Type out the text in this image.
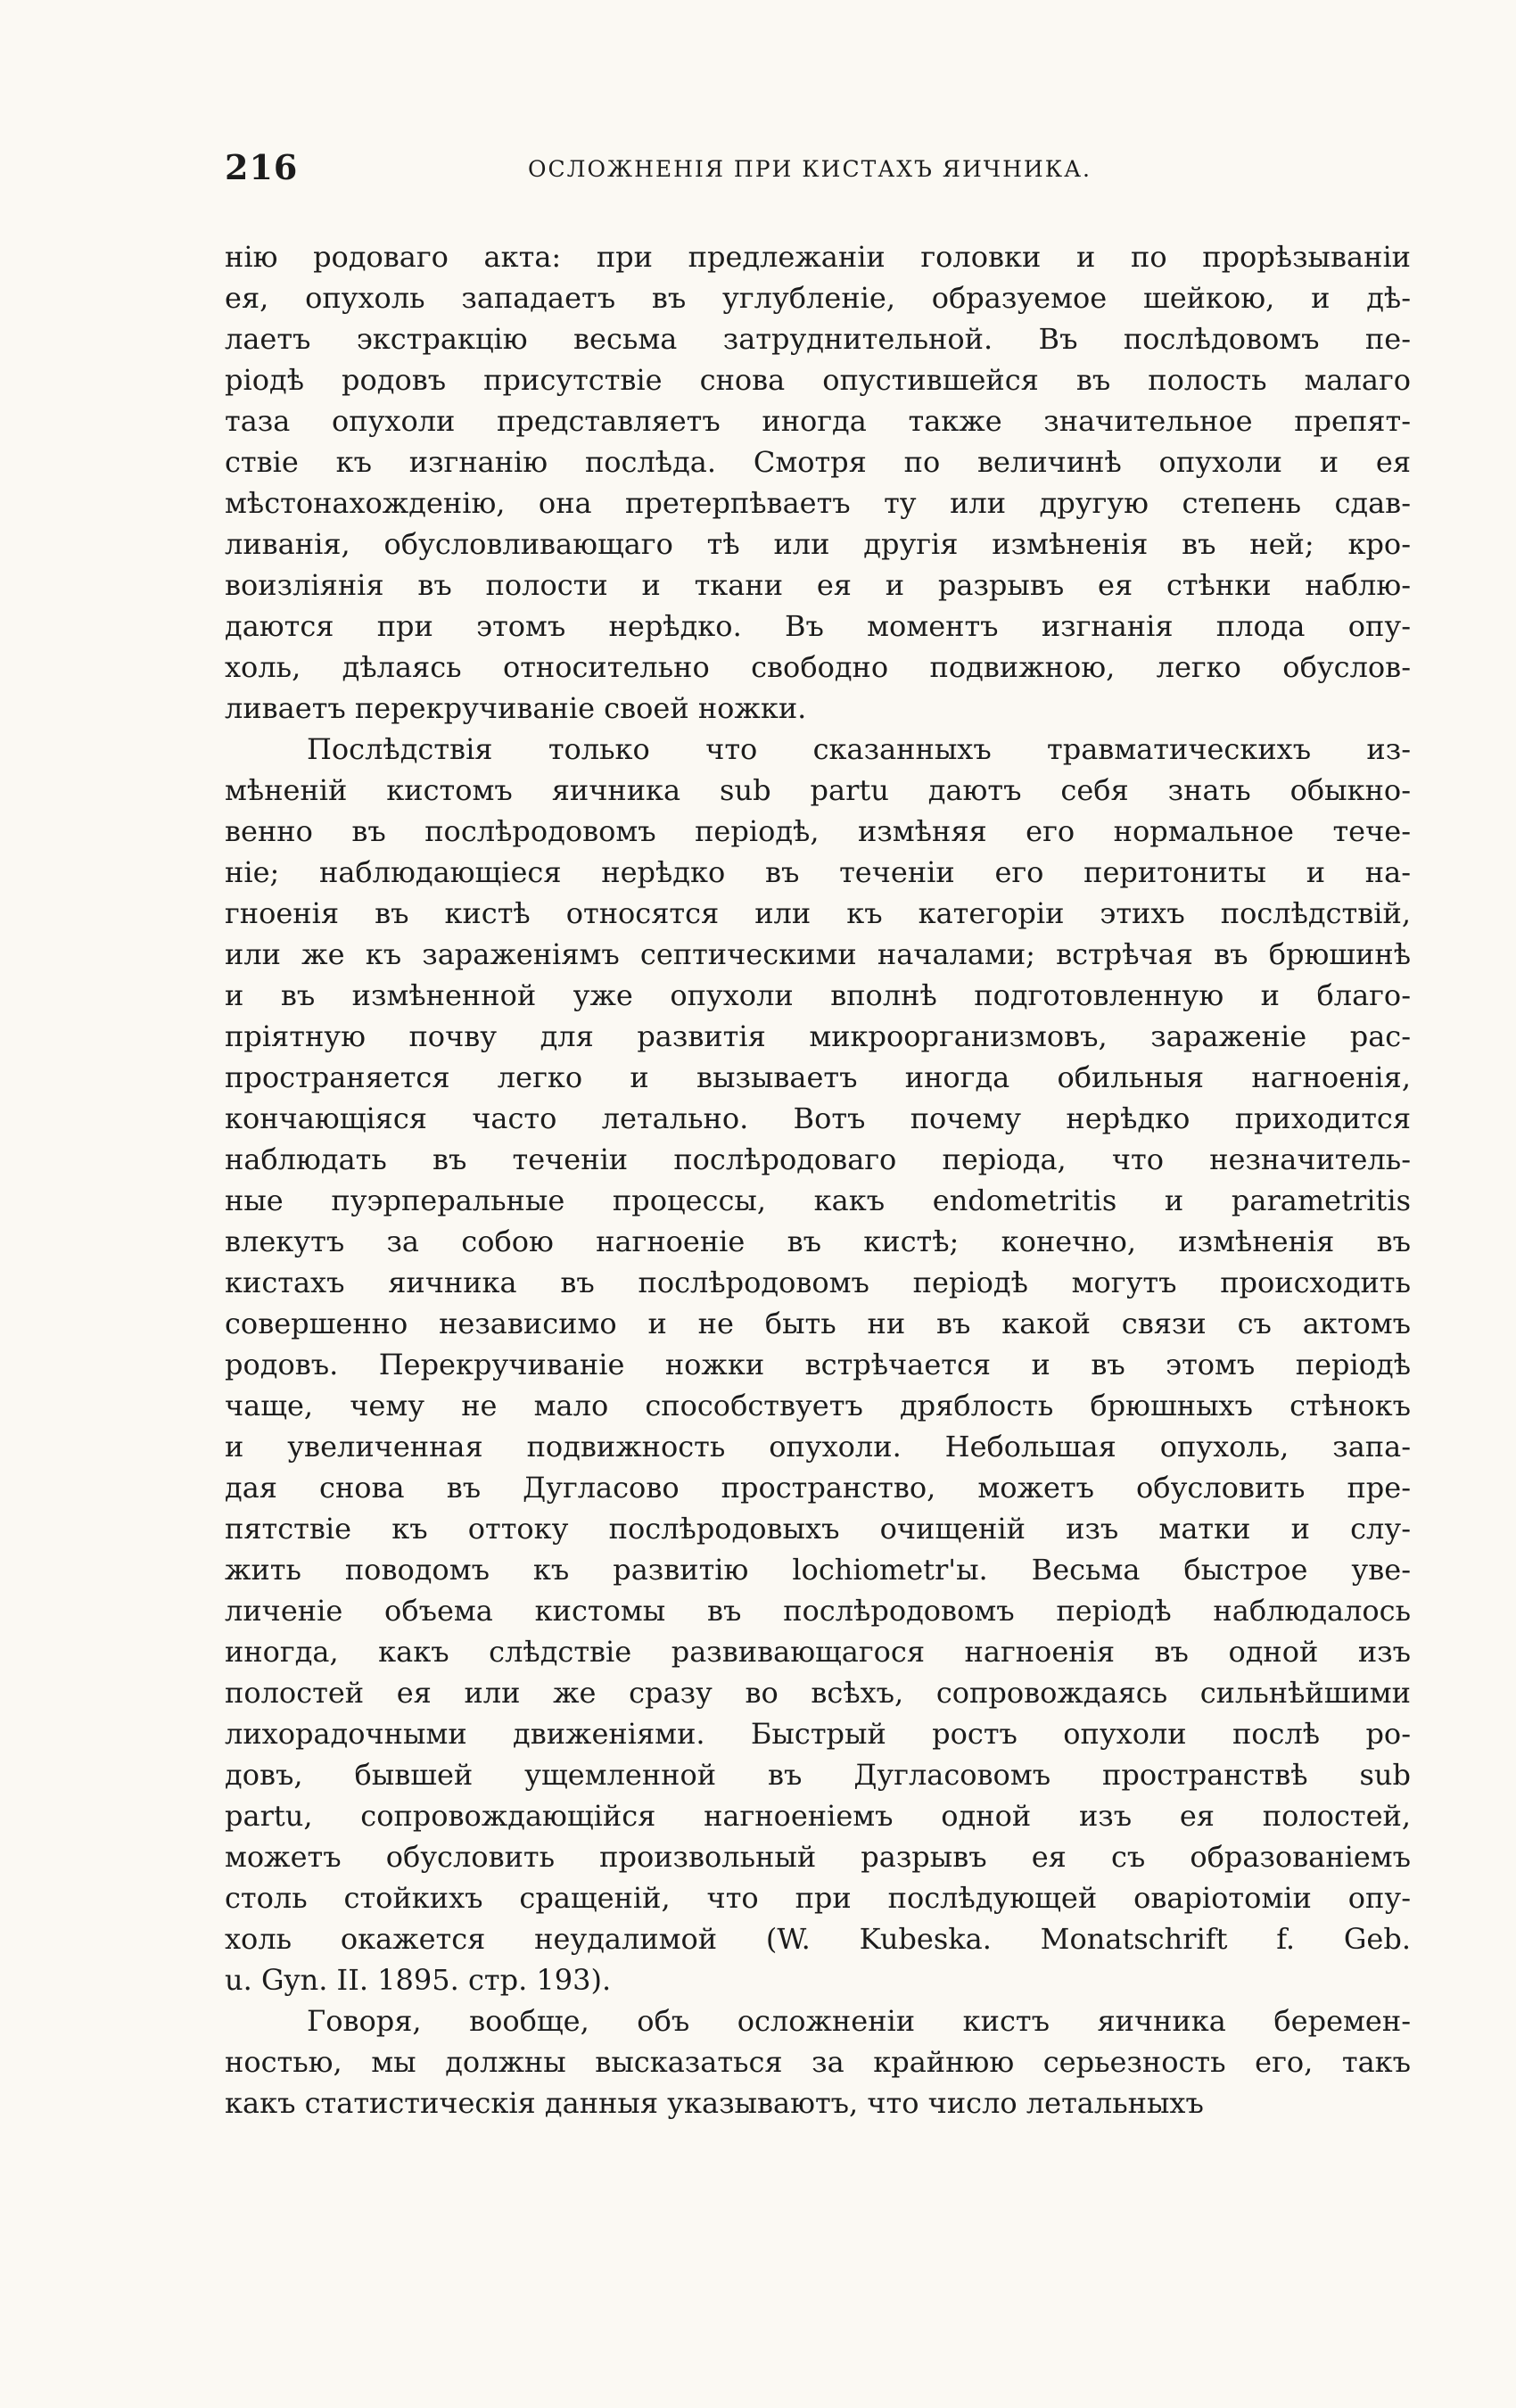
216	ОСЛОЖНЕНІЯ ПРИ КИСТАХЪ ЯИЧНИКА.
нію родоваго акта: при предлежаніи головки и по прорѣзываніи
ея, опухоль западаетъ въ углубленіе, образуемое шейкою, и дѣ-
лаетъ экстракцію весьма затруднительной. Въ послѣдовомъ пе-
ріодѣ родовъ присутствіе снова опустившейся въ полость малаго
таза опухоли представляетъ иногда также значительное препят-
ствіе къ изгнанію послѣда. Смотря по величинѣ опухоли и ея
мѣстонахожденію, она претерпѣваетъ ту или другую степень сдав-
ливанія, обусловливающаго тѣ или другія измѣненія въ ней; кро-
воизліянія въ полости и ткани ея и разрывъ ея стѣнки наблю-
даются при этомъ нерѣдко. Въ моментъ изгнанія плода опу-
холь, дѣлаясь относительно свободно подвижною, легко обуслов-
ливаетъ перекручиваніе своей ножки.
Послѣдствія только что сказанныхъ травматическихъ из-
мѣненій кистомъ яичника sub partu даютъ себя знать обыкно-
венно въ послѣродовомъ періодѣ, измѣняя его нормальное тече-
ніе; наблюдающіеся нерѣдко въ теченіи его перитониты и на-
гноенія въ кистѣ относятся или къ категоріи этихъ послѣдствій,
или же къ зараженіямъ септическими началами; встрѣчая въ брюшинѣ
и въ измѣненной уже опухоли вполнѣ подготовленную и благо-
пріятную почву для развитія микроорганизмовъ, зараженіе рас-
пространяется легко и вызываетъ иногда обильныя нагноенія,
кончающіяся часто летально. Вотъ почему нерѣдко приходится
наблюдать въ теченіи послѣродоваго періода, что незначитель-
ные пуэрперальные процессы, какъ endometritis и parametritis
влекутъ за собою нагноеніе въ кистѣ; конечно, измѣненія въ
кистахъ яичника въ послѣродовомъ періодѣ могутъ происходить
совершенно независимо и не быть ни въ какой связи съ актомъ
родовъ. Перекручиваніе ножки встрѣчается и въ этомъ періодѣ
чаще, чему не мало способствуетъ дряблость брюшныхъ стѣнокъ
и увеличенная подвижность опухоли. Небольшая опухоль, запа-
дая снова въ Дугласово пространство, можетъ обусловить пре-
пятствіе къ оттоку послѣродовыхъ очищеній изъ матки и слу-
жить поводомъ къ развитію lochiometr'ы. Весьма быстрое уве-
личеніе объема кистомы въ послѣродовомъ періодѣ наблюдалось
иногда, какъ слѣдствіе развивающагося нагноенія въ одной изъ
полостей ея или же сразу во всѣхъ, сопровождаясь сильнѣйшими
лихорадочными движеніями. Быстрый ростъ опухоли послѣ ро-
довъ, бывшей ущемленной въ Дугласовомъ пространствѣ sub
partu, сопровождающійся нагноеніемъ одной изъ ея полостей,
можетъ обусловить произвольный разрывъ ея съ образованіемъ
столь стойкихъ сращеній, что при послѣдующей оваріотоміи опу-
холь окажется неудалимой (W. Kubeska. Monatschrift f. Geb.
u. Gyn. II. 1895. стр. 193).
Говоря, вообще, объ осложненіи кистъ яичника беремен-
ностью, мы должны высказаться за крайнюю серьезность его, такъ
какъ статистическія данныя указываютъ, что число летальныхъ
